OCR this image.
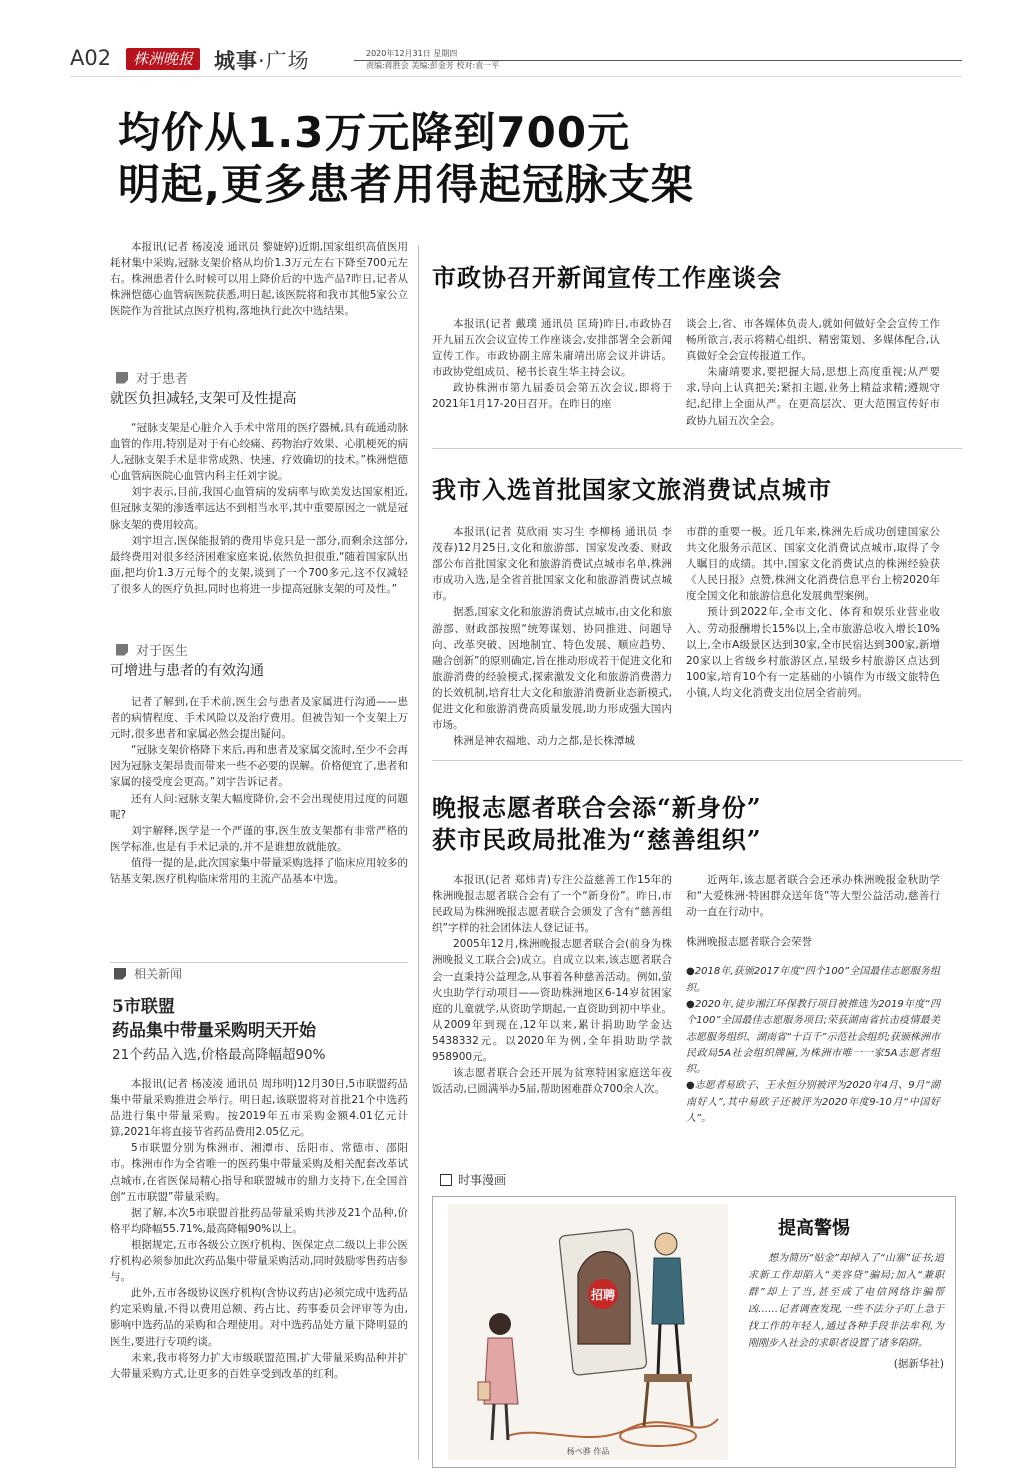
A02	株洲晚报	城事·广场	2020年12月31日 星期四
责编:蒋胜会 美编:彭金芳 校对:袁一平
均价从1.3万元降到700元
明起,更多患者用得起冠脉支架

本报讯(记者 杨凌凌 通讯员 黎婕婷)近期,国家组织高值医用耗材集中采购,冠脉支架价格从均价1.3万元左右下降至700元左右。株洲患者什么时候可以用上降价后的中选产品?昨日,记者从株洲恺德心血管病医院获悉,明日起,该医院将和我市其他5家公立医院作为首批试点医疗机构,落地执行此次中选结果。

对于患者
就医负担减轻,支架可及性提高

“冠脉支架是心脏介入手术中常用的医疗器械,具有疏通动脉血管的作用,特别是对于有心绞痛、药物治疗效果、心肌梗死的病人,冠脉支架手术是非常成熟、快速、疗效确切的技术。”株洲恺德心血管病医院心血管内科主任刘宇说。

刘宇表示,目前,我国心血管病的发病率与欧美发达国家相近,但冠脉支架的渗透率远达不到相当水平,其中重要原因之一就是冠脉支架的费用较高。

刘宇坦言,医保能报销的费用毕竟只是一部分,而剩余这部分,最终费用对很多经济困难家庭来说,依然负担很重,“随着国家队出面,把均价1.3万元每个的支架,谈到了一个700多元,这不仅减轻了很多人的医疗负担,同时也将进一步提高冠脉支架的可及性。”

对于医生
可增进与患者的有效沟通

记者了解到,在手术前,医生会与患者及家属进行沟通——患者的病情程度、手术风险以及治疗费用。但被告知一个支架上万元时,很多患者和家属必然会提出疑问。

“冠脉支架价格降下来后,再和患者及家属交流时,至少不会再因为冠脉支架昂贵而带来一些不必要的误解。价格便宜了,患者和家属的接受度会更高。”刘宇告诉记者。

还有人问:冠脉支架大幅度降价,会不会出现使用过度的问题呢?

刘宇解释,医学是一个严谨的事,医生放支架都有非常严格的医学标准,也是有手术记录的,并不是谁想放就能放。

值得一提的是,此次国家集中带量采购选择了临床应用较多的钴基支架,医疗机构临床常用的主流产品基本中选。

相关新闻
5市联盟
药品集中带量采购明天开始
21个药品入选,价格最高降幅超90%

本报讯(记者 杨凌凌 通讯员 周玮明)12月30日,5市联盟药品集中带量采购推进会举行。明日起,该联盟将对首批21个中选药品进行集中带量采购。按2019年五市采购金额4.01亿元计算,2021年将直接节省药品费用2.05亿元。

5市联盟分别为株洲市、湘潭市、岳阳市、常德市、邵阳市。株洲市作为全省唯一的医药集中带量采购及相关配套改革试点城市,在省医保局精心指导和联盟城市的鼎力支持下,在全国首创“五市联盟”带量采购。

据了解,本次5市联盟首批药品带量采购共涉及21个品种,价格平均降幅55.71%,最高降幅90%以上。

根据规定,五市各级公立医疗机构、医保定点二级以上非公医疗机构必须参加此次药品集中带量采购活动,同时鼓励零售药店参与。

此外,五市各级协议医疗机构(含协议药店)必须完成中选药品约定采购量,不得以费用总额、药占比、药事委员会评审等为由,影响中选药品的采购和合理使用。对中选药品处方量下降明显的医生,要进行专项约谈。

未来,我市将努力扩大市级联盟范围,扩大带量采购品种并扩大带量采购方式,让更多的百姓享受到改革的红利。

市政协召开新闻宣传工作座谈会

本报讯(记者 戴璞 通讯员 匡琦)昨日,市政协召开九届五次会议宣传工作座谈会,安排部署全会新闻宣传工作。市政协副主席朱庸靖出席会议并讲话。市政协党组成员、秘书长袁生华主持会议。

政协株洲市第九届委员会第五次会议,即将于2021年1月17-20日召开。在昨日的座

谈会上,省、市各媒体负责人,就如何做好全会宣传工作畅所欲言,表示将精心组织、精密策划、多媒体配合,认真做好全会宣传报道工作。

朱庸靖要求,要把握大局,思想上高度重视;从严要求,导向上认真把关;紧扣主题,业务上精益求精;遵规守纪,纪律上全面从严。在更高层次、更大范围宣传好市政协九届五次全会。

我市入选首批国家文旅消费试点城市

本报讯(记者 莫欣雨 实习生 李柳杨 通讯员 李茂春)12月25日,文化和旅游部、国家发改委、财政部公布首批国家文化和旅游消费试点城市名单,株洲市成功入选,是全省首批国家文化和旅游消费试点城市。

据悉,国家文化和旅游消费试点城市,由文化和旅游部、财政部按照“统筹谋划、协同推进、问题导向、改革突破、因地制宜、特色发展、顺应趋势、融合创新”的原则确定,旨在推动形成若干促进文化和旅游消费的经验模式,探索激发文化和旅游消费潜力的长效机制,培育壮大文化和旅游消费新业态新模式,促进文化和旅游消费高质量发展,助力形成强大国内市场。

株洲是神农福地、动力之都,是长株潭城

市群的重要一极。近几年来,株洲先后成功创建国家公共文化服务示范区、国家文化消费试点城市,取得了令人瞩目的成绩。其中,国家文化消费试点的株洲经验获《人民日报》点赞,株洲文化消费信息平台上榜2020年度全国文化和旅游信息化发展典型案例。

预计到2022年,全市文化、体育和娱乐业营业收入、劳动报酬增长15%以上,全市旅游总收入增长10%以上,全市A级景区达到30家,全市民宿达到300家,新增20家以上省级乡村旅游区点,星级乡村旅游区点达到100家,培育10个有一定基础的小镇作为市级文旅特色小镇,人均文化消费支出位居全省前列。

晚报志愿者联合会添“新身份”
获市民政局批准为“慈善组织”

本报讯(记者 郑炜青)专注公益慈善工作15年的株洲晚报志愿者联合会有了一个“新身份”。昨日,市民政局为株洲晚报志愿者联合会颁发了含有“慈善组织”字样的社会团体法人登记证书。

2005年12月,株洲晚报志愿者联合会(前身为株洲晚报义工联合会)成立。自成立以来,该志愿者联合会一直秉持公益理念,从事着各种慈善活动。例如,萤火虫助学行动项目——资助株洲地区6-14岁贫困家庭的儿童就学,从资助学期起,一直资助到初中毕业。从2009年到现在,12年以来,累计捐助助学金达5438332元。以2020年为例,全年捐助助学款958900元。

该志愿者联合会还开展为贫寒特困家庭送年夜饭活动,已圆满举办5届,帮助困难群众700余人次。

近两年,该志愿者联合会还承办株洲晚报金秋助学和“大爱株洲·特困群众送年货”等大型公益活动,慈善行动一直在行动中。

株洲晚报志愿者联合会荣誉

●2018年,获颁2017年度“四个100”全国最佳志愿服务组织。

●2020年,徒步湘江环保教行项目被推选为2019年度“四个100”全国最佳志愿服务项目;荣获湖南省抗击疫情最美志愿服务组织、湖南省“十百千”示范社会组织;获颁株洲市民政局5A社会组织牌匾,为株洲市唯一一家5A志愿者组织。

●志愿者易欧子、王永恒分别被评为2020年4月、9月“湖南好人”,其中易欧子还被评为2020年度9-10月“中国好人”。

时事漫画
招聘
杨ペ骅 作品
提高警惕

想为简历“贴金”却掉入了“山寨”证书;追求新工作却陷入“美容贷”骗局;加入“兼职群”却上了当,甚至成了电信网络诈骗帮凶……记者调查发现,一些不法分子盯上急于找工作的年轻人,通过各种手段非法牟利,为刚刚步入社会的求职者设置了诸多陷阱。

(据新华社)
